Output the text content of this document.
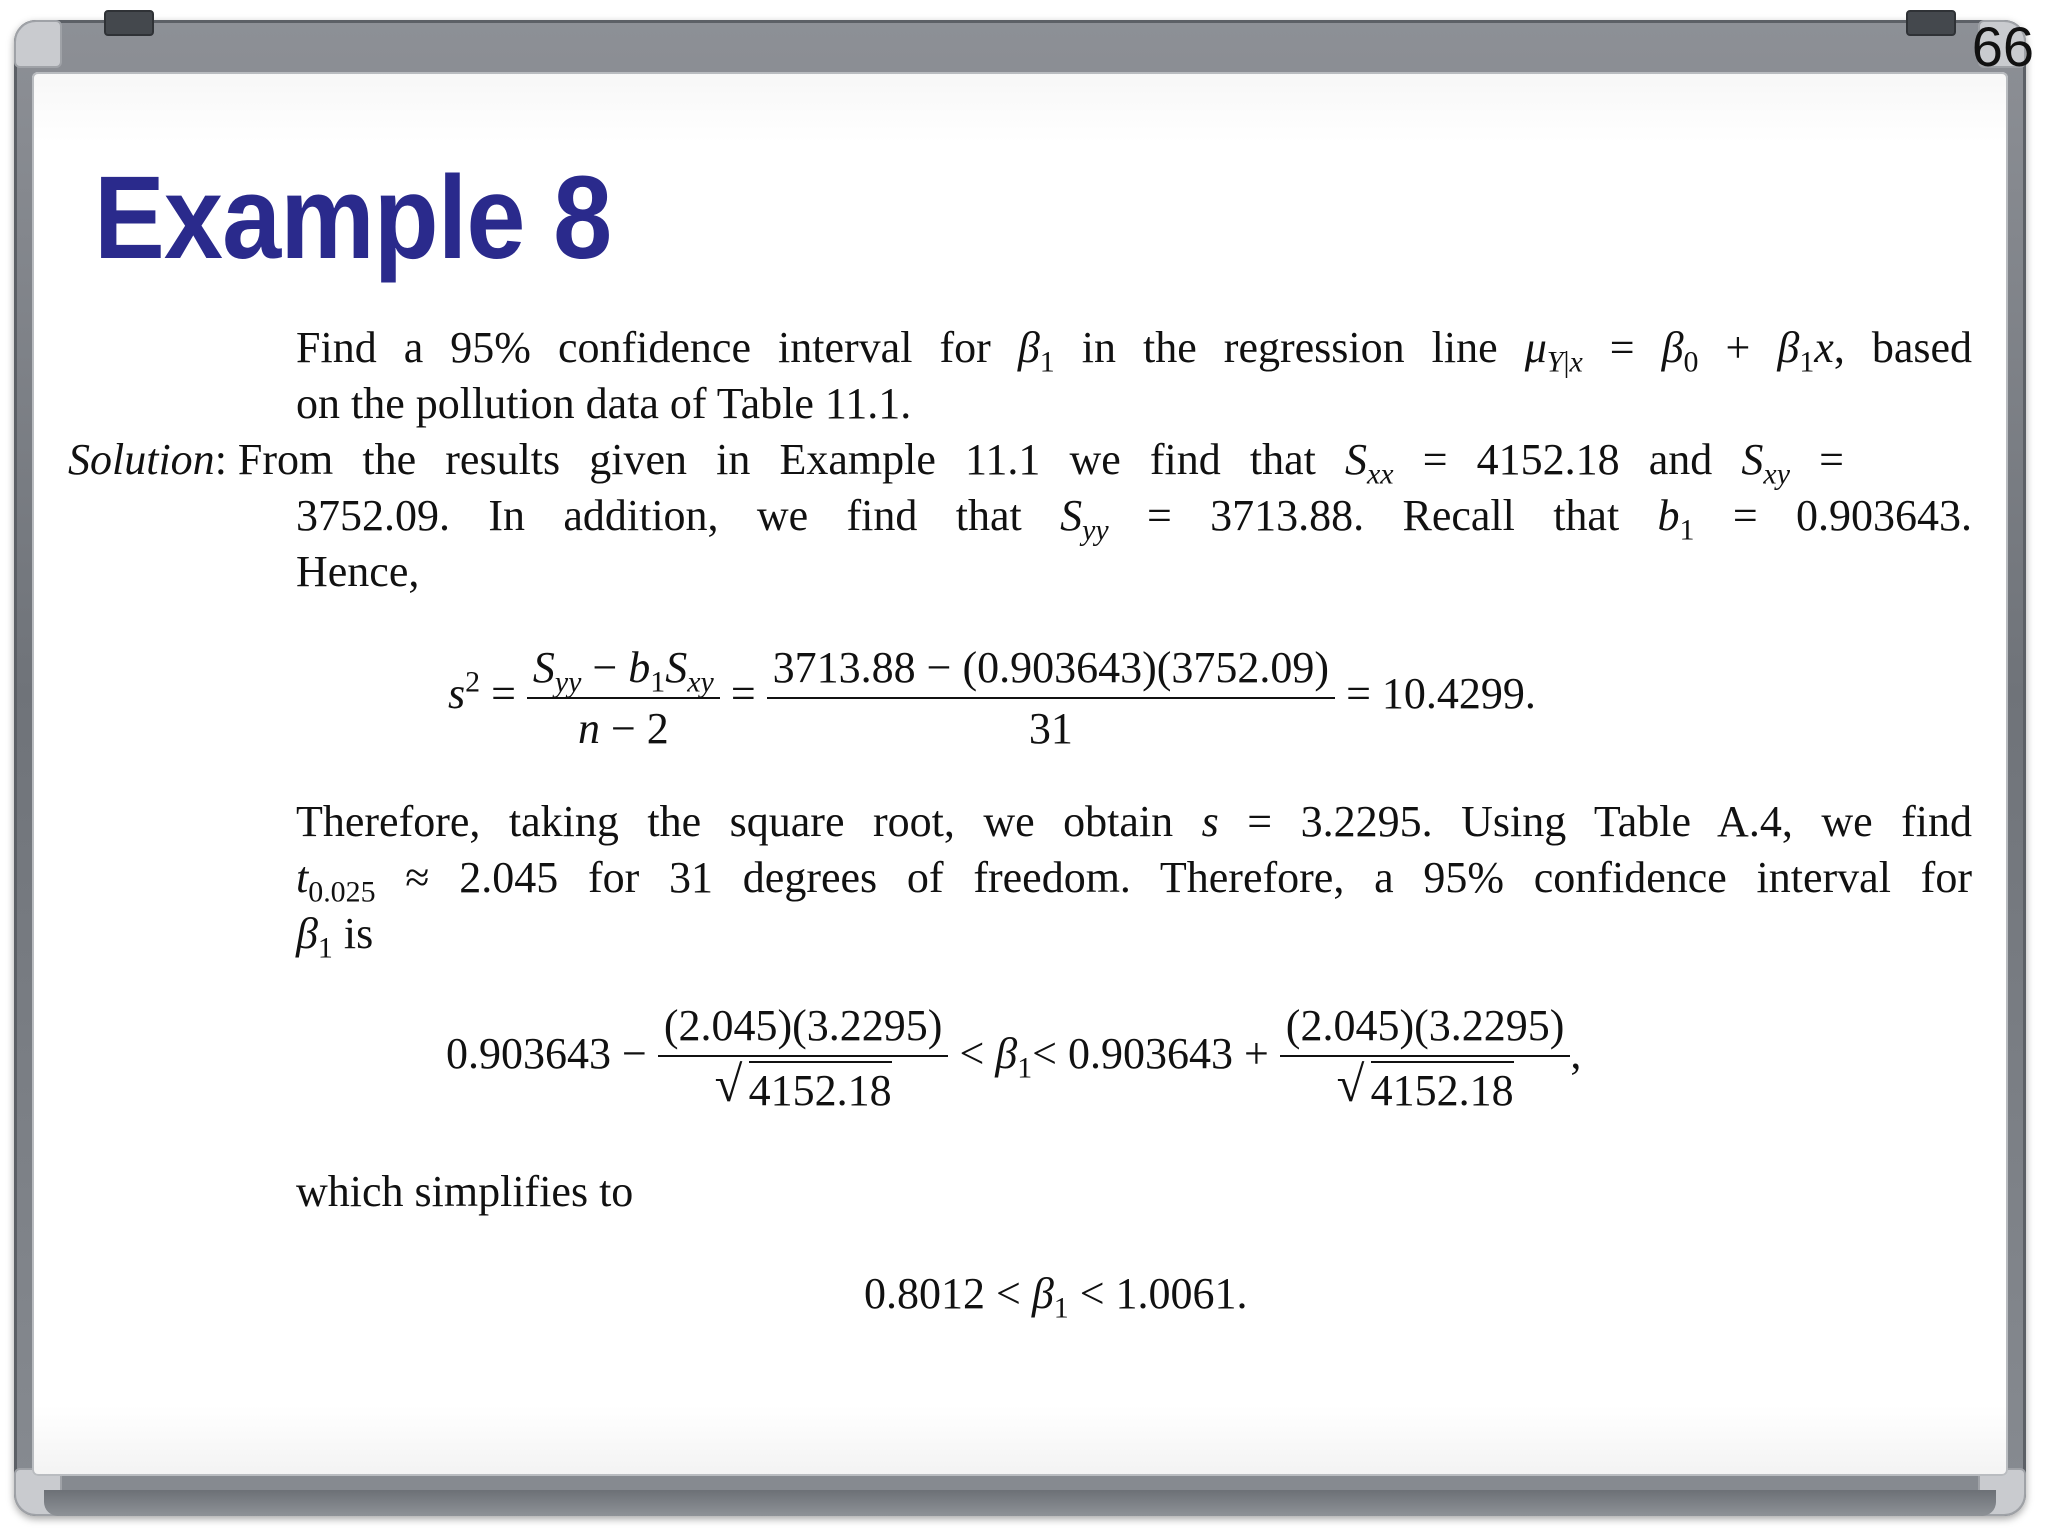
66
Example 8
Find a 95% confidence interval for $\beta_1$ in the regression line $\mu_{Y|x} = \beta_0 + \beta_1x$, based
on the pollution data of Table 11.1.
Solution: From the results given in Example 11.1 we find that $S_{xx} = 4152.18$ and $S_{xy}$ =
3752.09. In addition, we find that $S_{yy} = 3713.88$. Recall that $b_1 = 0.903643$.
Hence,
$s^2 = \frac{S_{yy} - b_1S_{xy}}{n - 2} = \frac{3713.88 - (0.903643)(3752.09)}{31} = 10.4299$.
Therefore, taking the square root, we obtain s = 3.2295. Using Table A.4, we find
$t_{0.025} \approx 2.045$ for 31 degrees of freedom. Therefore, a 95% confidence interval for
$\beta_1$ is
$0.903643 - \frac{(2.045)(3.2295)}{√ 4152.18} < \beta_1< 0.903643 + \frac{(2.045)(3.2295)}{√ 4152.18}$ ,
which simplifies to
$0.8012 < \beta_1 < 1.0061$.
